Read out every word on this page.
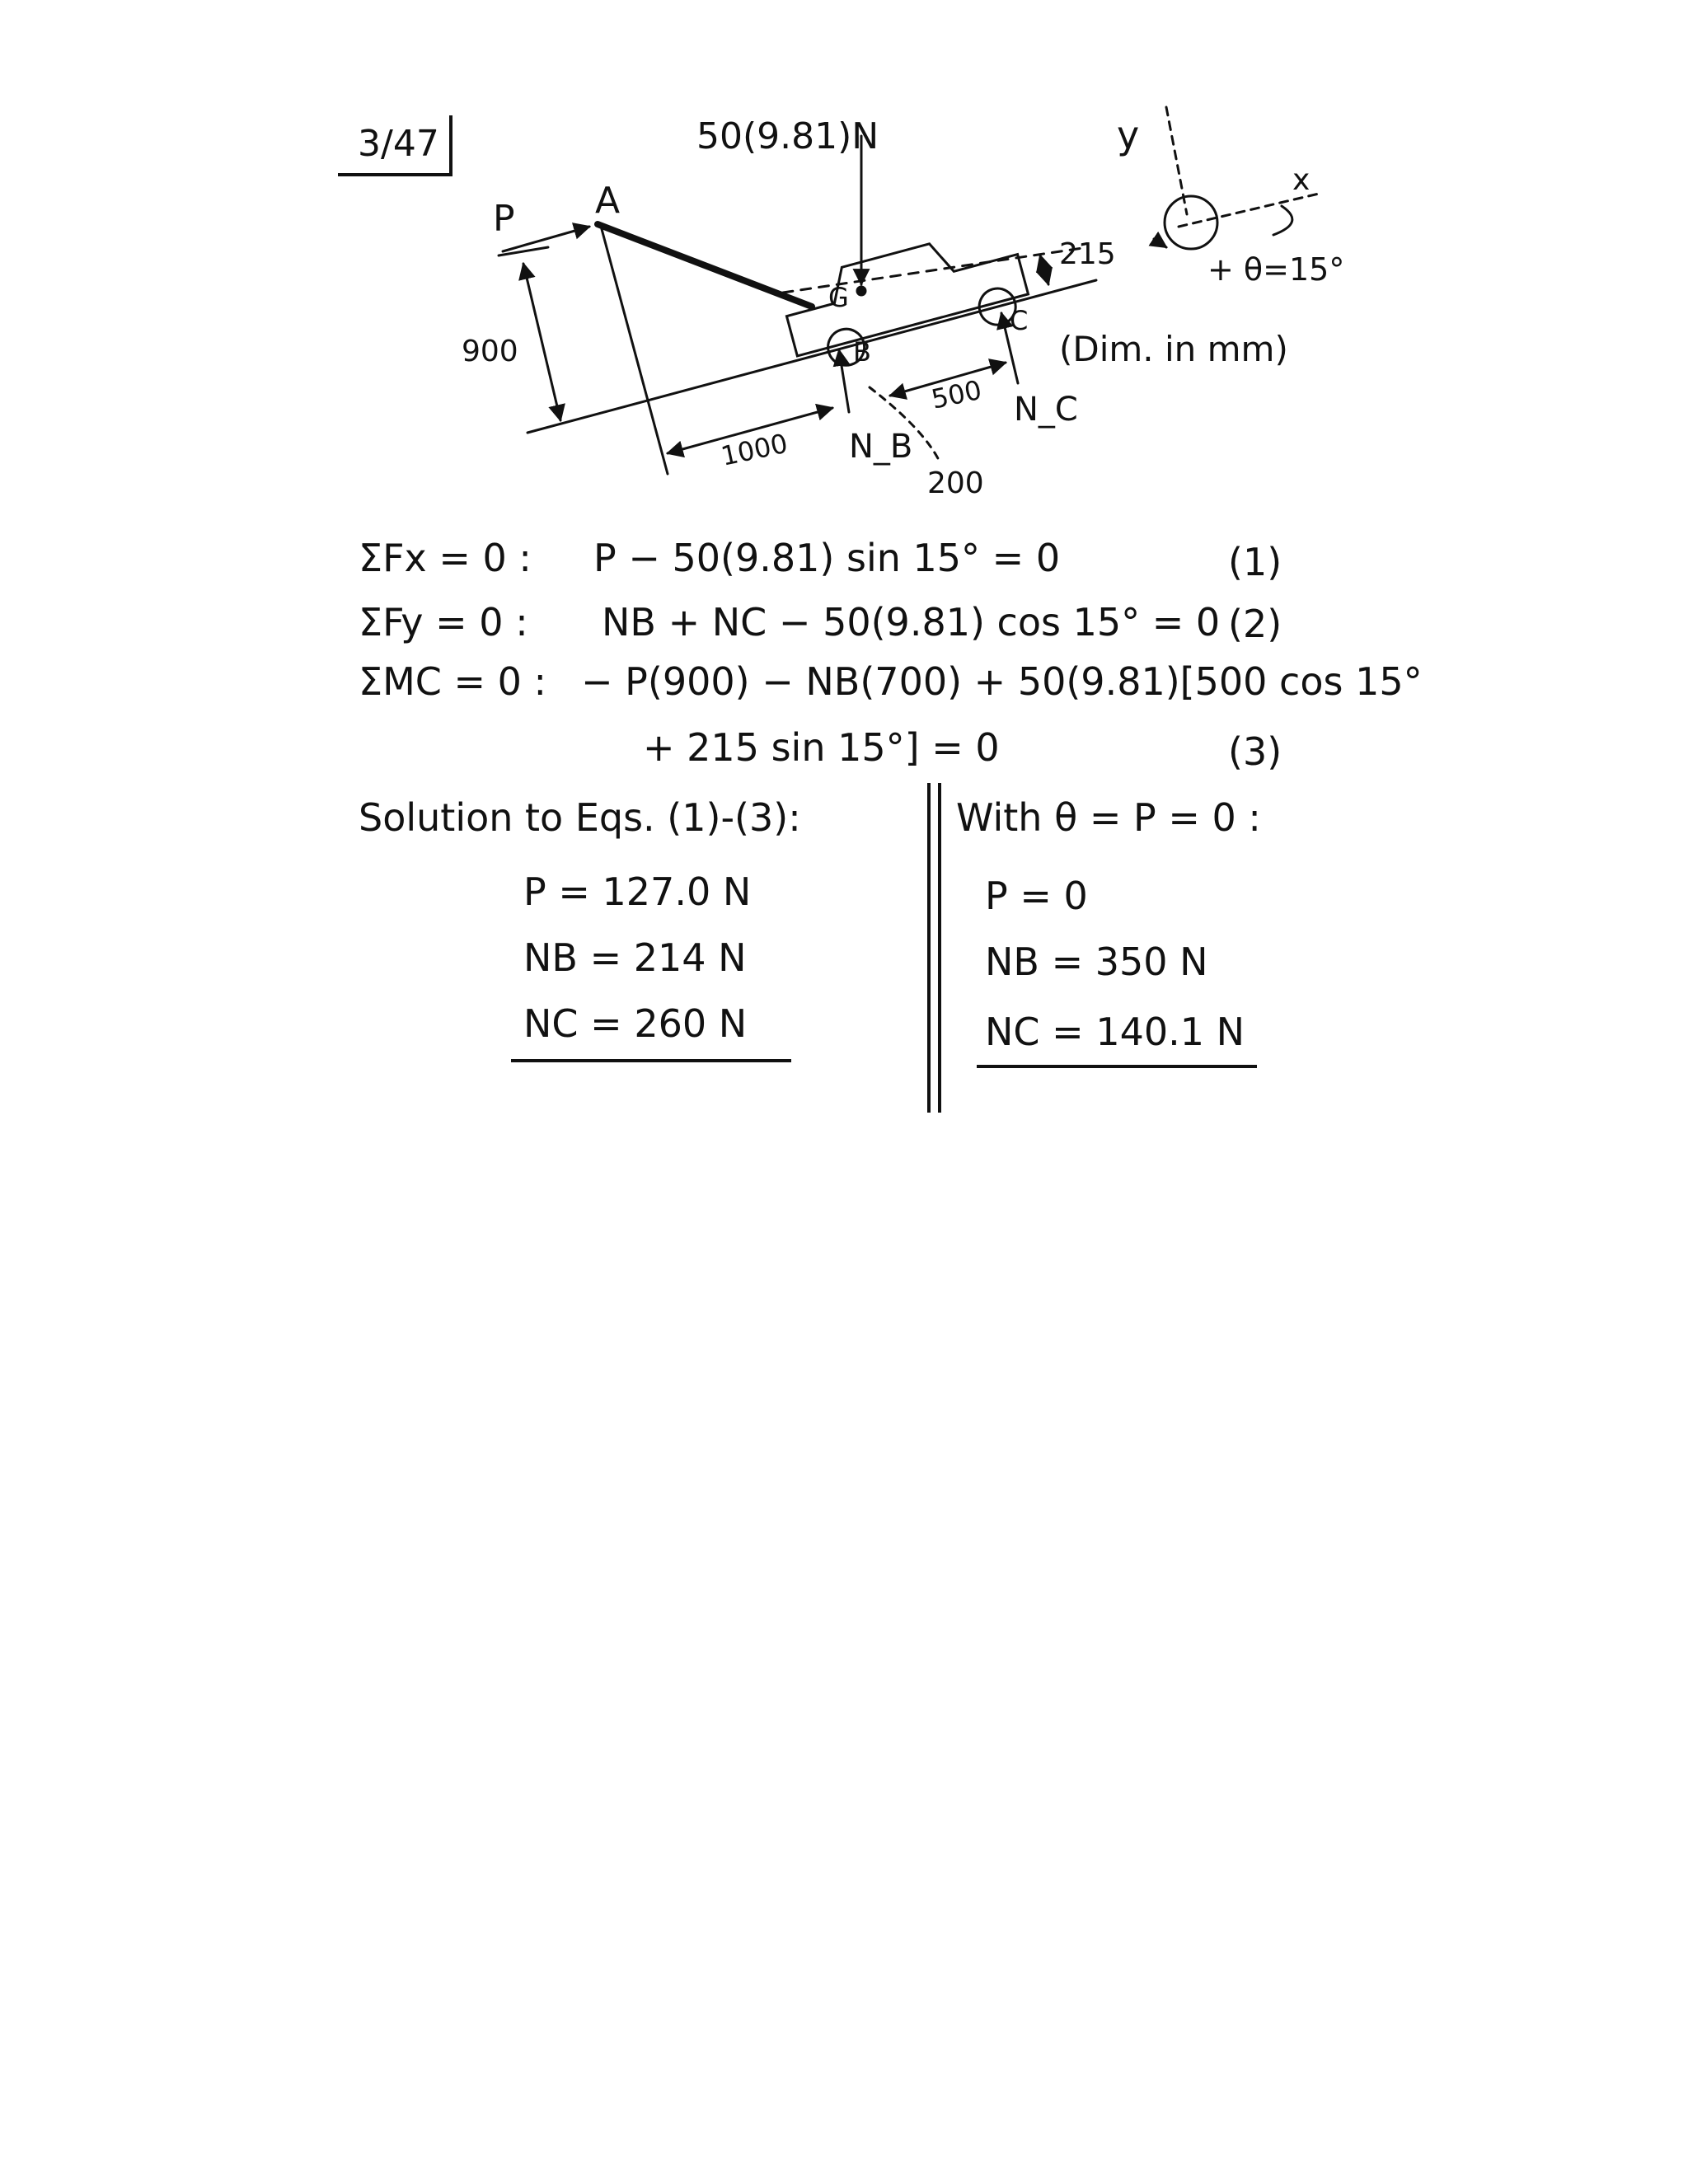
3/47	50(9.81)N
P A
G
B
C
N_B
N_C
900
215
1000
500
200
y
x
+ θ=15°
(Dim. in mm)
ΣFx = 0 : P − 50(9.81) sin 15° = 0	(1)
ΣFy = 0 : NB + NC − 50(9.81) cos 15° = 0 (2)
ΣMC = 0 : − P(900) − NB(700) + 50(9.81)[500 cos 15°
+ 215 sin 15°] = 0	(3)
Solution to Eqs. (1)-(3):
P = 127.0 N
NB = 214 N
NC = 260 N
With θ = P = 0 :
P = 0
NB = 350 N
NC = 140.1 N
